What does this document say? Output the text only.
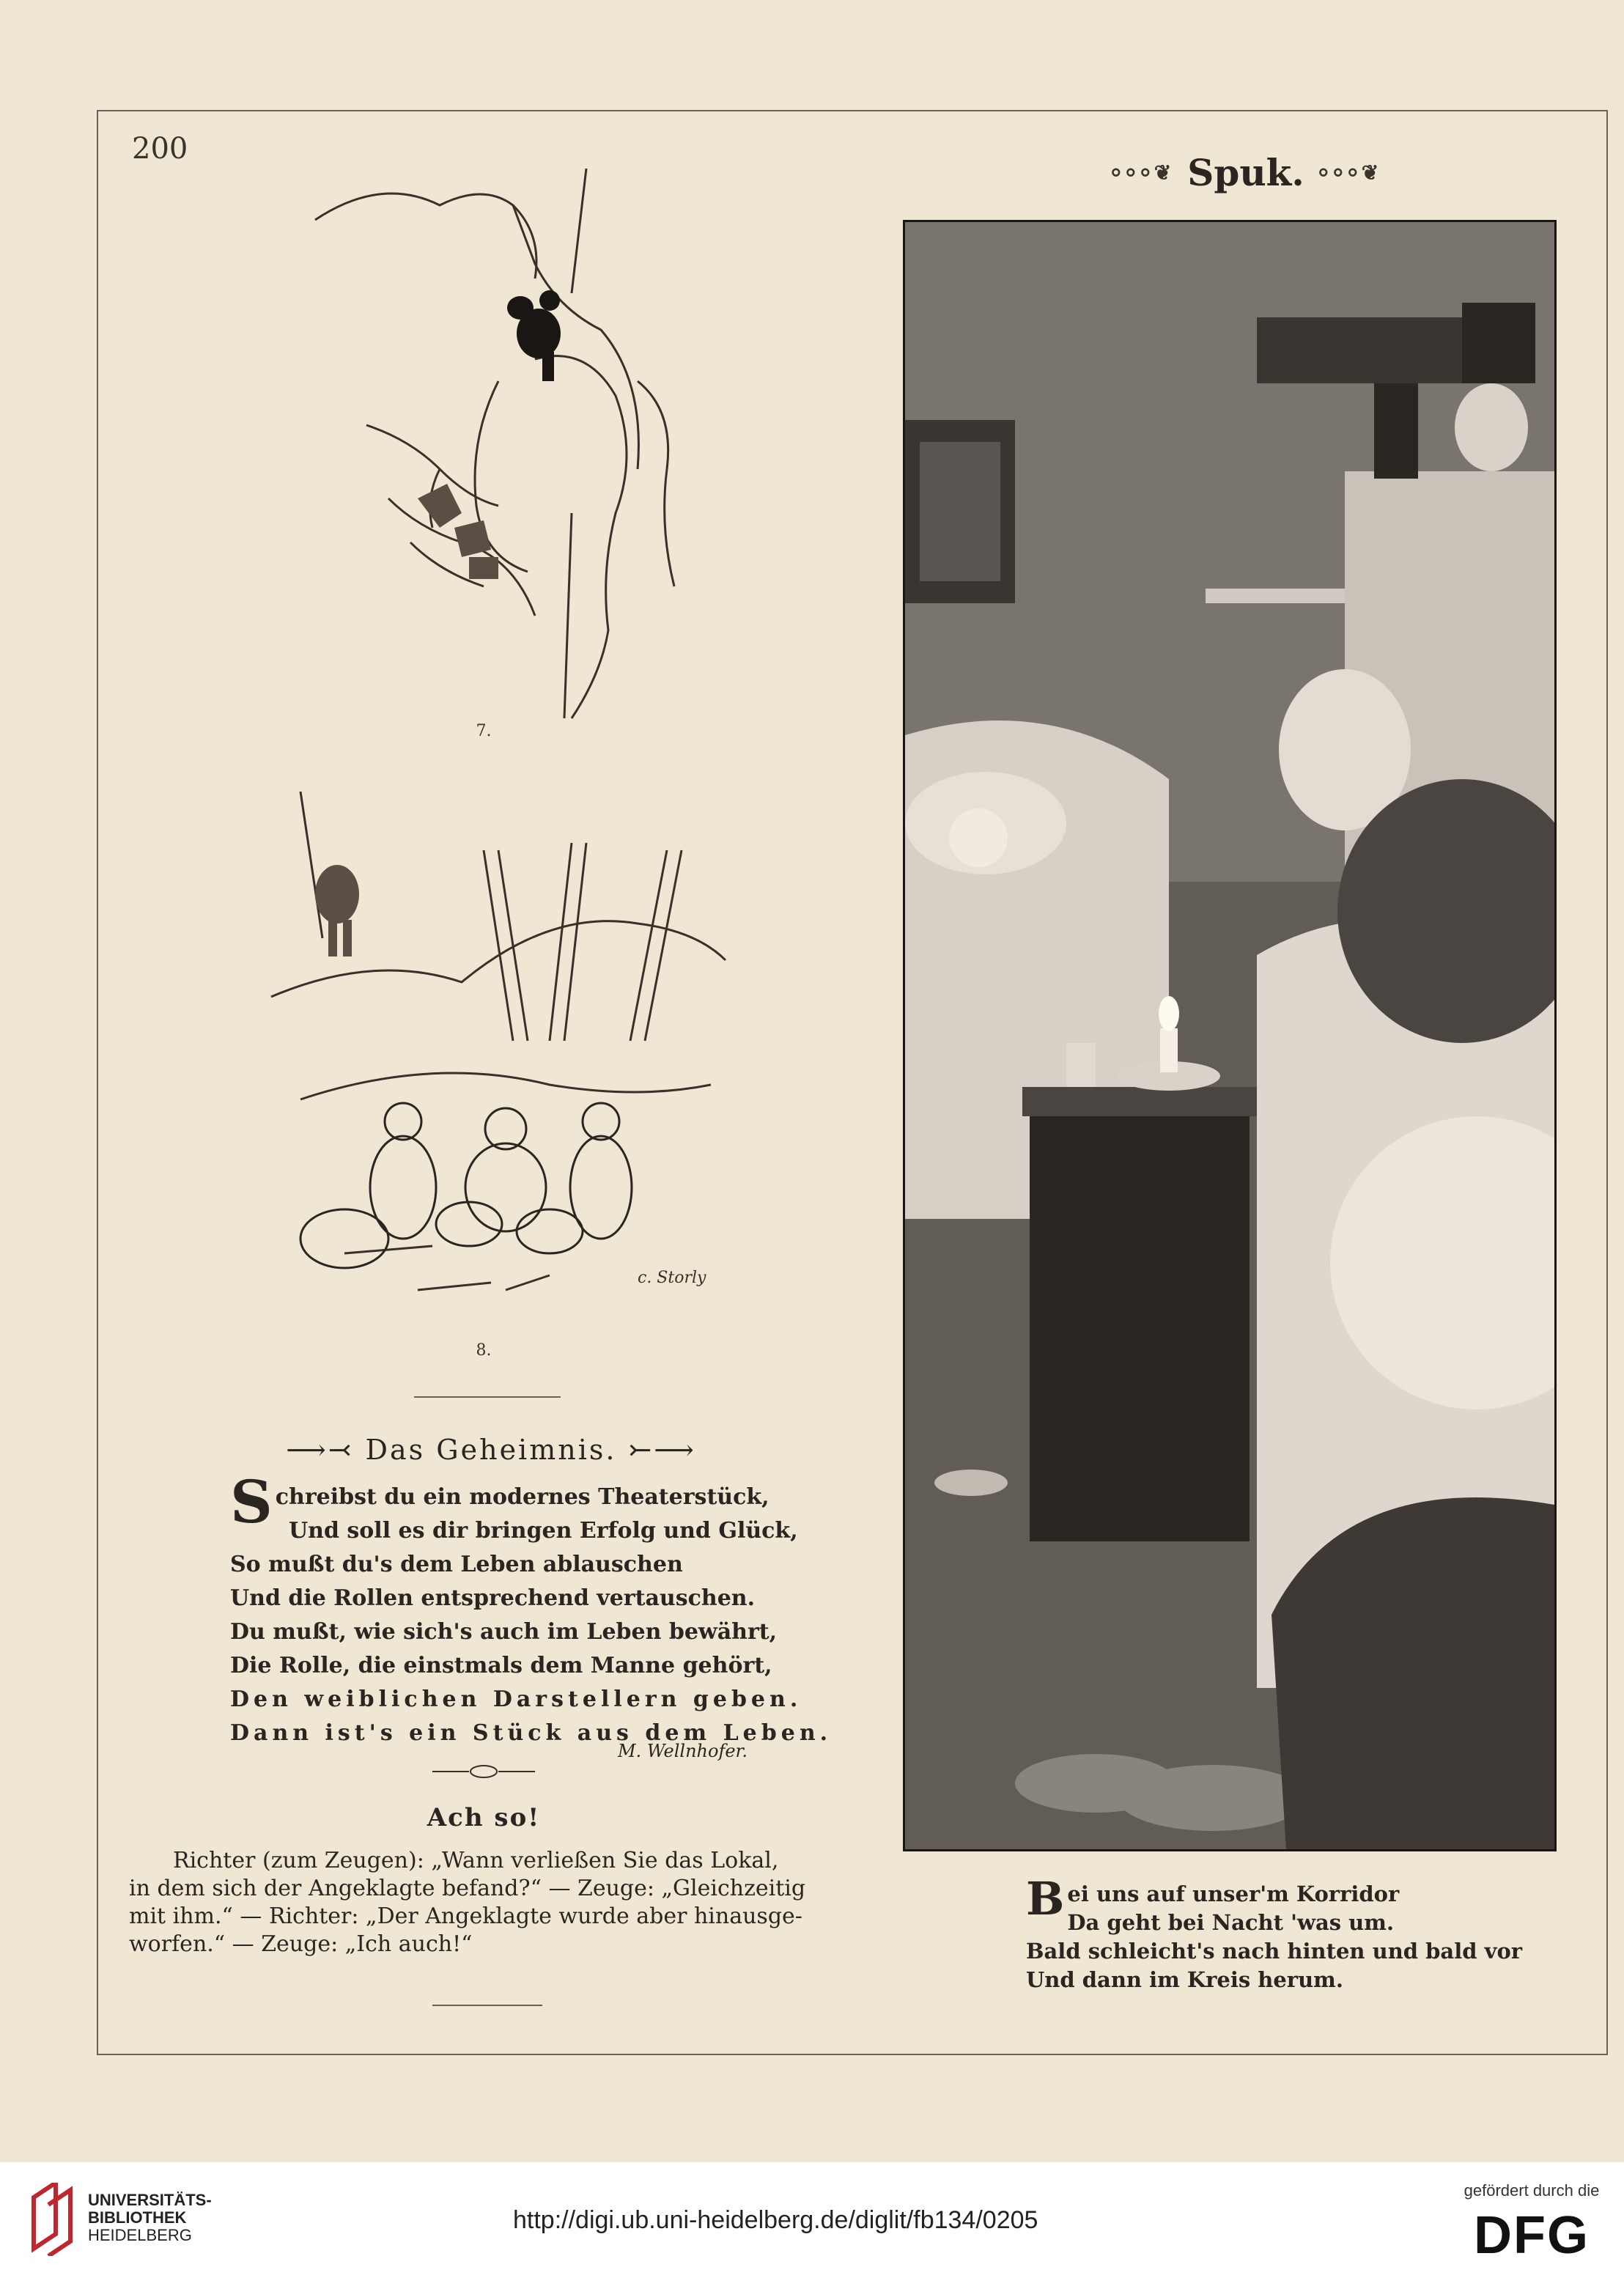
200
⸰⸰⸰❦ Spuk. ⸰⸰⸰❦
7.
c. Storly
8.
⟶⤙ Das Geheimnis. ⤚⟶
S chreibst du ein modernes Theaterstück,
Und soll es dir bringen Erfolg und Glück,
So mußt du's dem Leben ablauschen
Und die Rollen entsprechend vertauschen.
Du mußt, wie sich's auch im Leben bewährt,
Die Rolle, die einstmals dem Manne gehört,
Den weiblichen Darstellern geben.
Dann ist's ein Stück aus dem Leben.
M. Wellnhofer.
Ach so!
Richter (zum Zeugen): „Wann verließen Sie das Lokal,
in dem sich der Angeklagte befand?“ — Zeuge: „Gleichzeitig
mit ihm.“ — Richter: „Der Angeklagte wurde aber hinausge-
worfen.“ — Zeuge: „Ich auch!“
B ei uns auf unser'm Korridor
Da geht bei Nacht 'was um.
Bald schleicht's nach hinten und bald vor
Und dann im Kreis herum.
UNIVERSITÄTS-
BIBLIOTHEK
HEIDELBERG
http://digi.ub.uni-heidelberg.de/diglit/fb134/0205
gefördert durch die
DFG
